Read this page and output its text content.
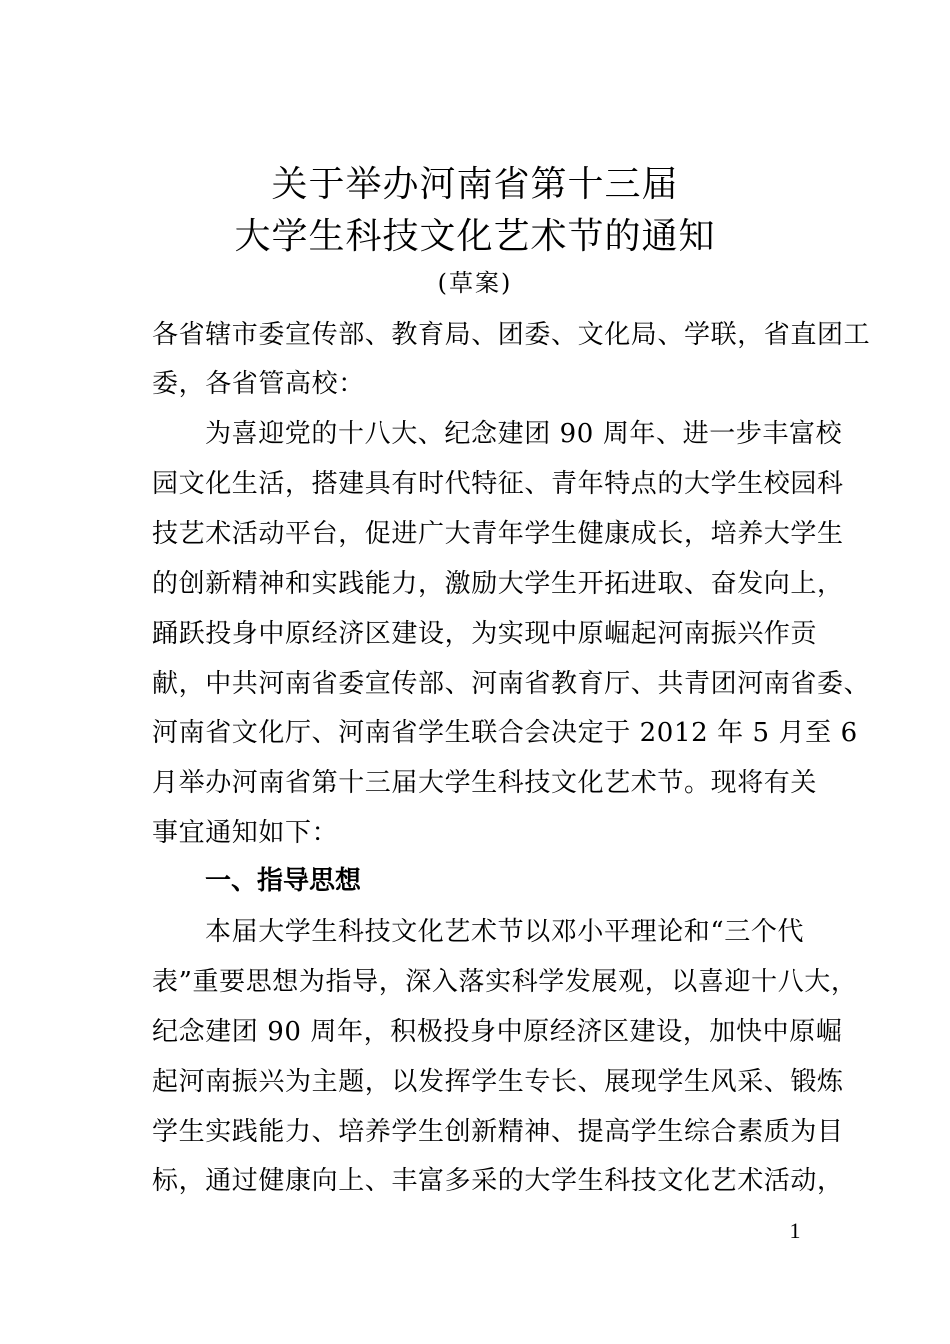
关于举办河南省第十三届
大学生科技文化艺术节的通知
(草案)
各省辖市委宣传部、教育局、团委、文化局、学联，省直团工
委，各省管高校：
为喜迎党的十八大、纪念建团 90 周年、进一步丰富校
园文化生活，搭建具有时代特征、青年特点的大学生校园科
技艺术活动平台，促进广大青年学生健康成长，培养大学生
的创新精神和实践能力，激励大学生开拓进取、奋发向上，
踊跃投身中原经济区建设，为实现中原崛起河南振兴作贡
献，中共河南省委宣传部、河南省教育厅、共青团河南省委、
河南省文化厅、河南省学生联合会决定于 2012 年 5 月至 6
月举办河南省第十三届大学生科技文化艺术节。现将有关
事宜通知如下：
一、指导思想
本届大学生科技文化艺术节以邓小平理论和“三个代
表”重要思想为指导，深入落实科学发展观，以喜迎十八大，
纪念建团 90 周年，积极投身中原经济区建设，加快中原崛
起河南振兴为主题，以发挥学生专长、展现学生风采、锻炼
学生实践能力、培养学生创新精神、提高学生综合素质为目
标，通过健康向上、丰富多采的大学生科技文化艺术活动，
1
